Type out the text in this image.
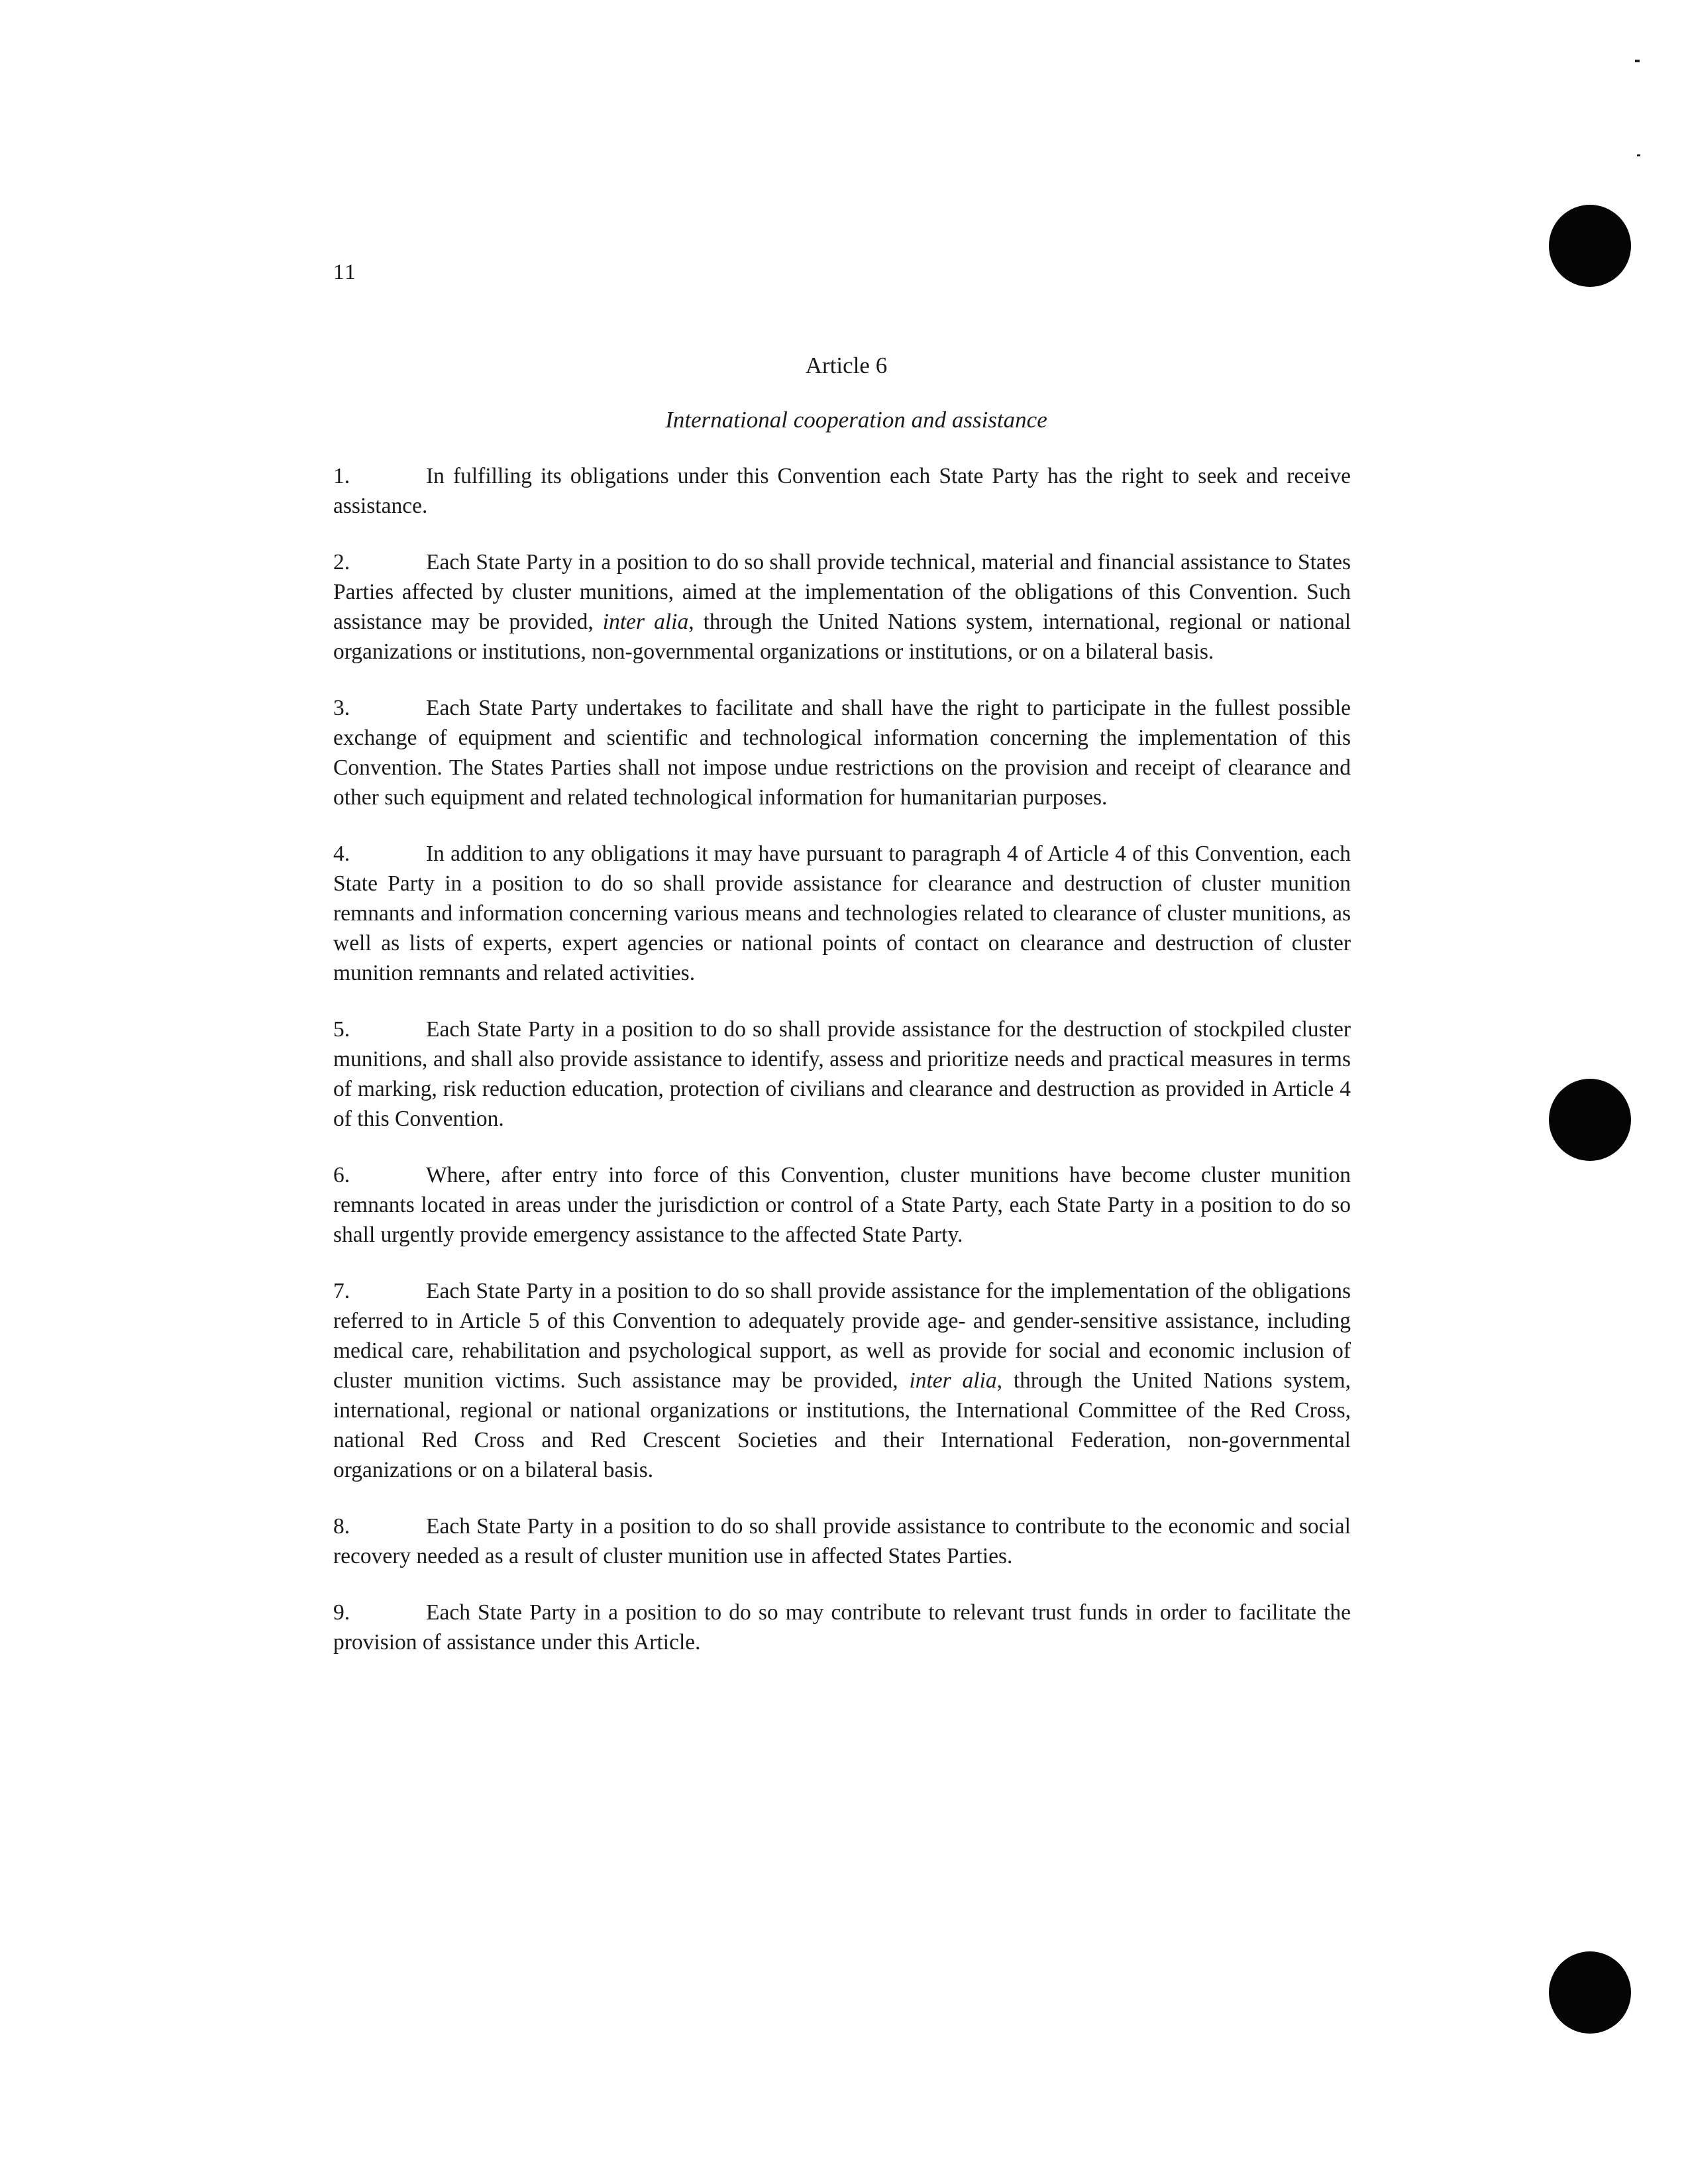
11
Article 6
International cooperation and assistance

1.	In fulfilling its obligations under this Convention each State Party has the right to seek and receive assistance.

2.	Each State Party in a position to do so shall provide technical, material and financial assistance to States Parties affected by cluster munitions, aimed at the implementation of the obligations of this Convention. Such assistance may be provided, inter alia, through the United Nations system, international, regional or national organizations or institutions, non-governmental organizations or institutions, or on a bilateral basis.

3.	Each State Party undertakes to facilitate and shall have the right to participate in the fullest possible exchange of equipment and scientific and technological information concerning the implementation of this Convention. The States Parties shall not impose undue restrictions on the provision and receipt of clearance and other such equipment and related technological information for humanitarian purposes.

4.	In addition to any obligations it may have pursuant to paragraph 4 of Article 4 of this Convention, each State Party in a position to do so shall provide assistance for clearance and destruction of cluster munition remnants and information concerning various means and technologies related to clearance of cluster munitions, as well as lists of experts, expert agencies or national points of contact on clearance and destruction of cluster munition remnants and related activities.

5.	Each State Party in a position to do so shall provide assistance for the destruction of stockpiled cluster munitions, and shall also provide assistance to identify, assess and prioritize needs and practical measures in terms of marking, risk reduction education, protection of civilians and clearance and destruction as provided in Article 4 of this Convention.

6.	Where, after entry into force of this Convention, cluster munitions have become cluster munition remnants located in areas under the jurisdiction or control of a State Party, each State Party in a position to do so shall urgently provide emergency assistance to the affected State Party.

7.	Each State Party in a position to do so shall provide assistance for the implementation of the obligations referred to in Article 5 of this Convention to adequately provide age- and gender-sensitive assistance, including medical care, rehabilitation and psychological support, as well as provide for social and economic inclusion of cluster munition victims. Such assistance may be provided, inter alia, through the United Nations system, international, regional or national organizations or institutions, the International Committee of the Red Cross, national Red Cross and Red Crescent Societies and their International Federation, non-governmental organizations or on a bilateral basis.

8.	Each State Party in a position to do so shall provide assistance to contribute to the economic and social recovery needed as a result of cluster munition use in affected States Parties.

9.	Each State Party in a position to do so may contribute to relevant trust funds in order to facilitate the provision of assistance under this Article.
